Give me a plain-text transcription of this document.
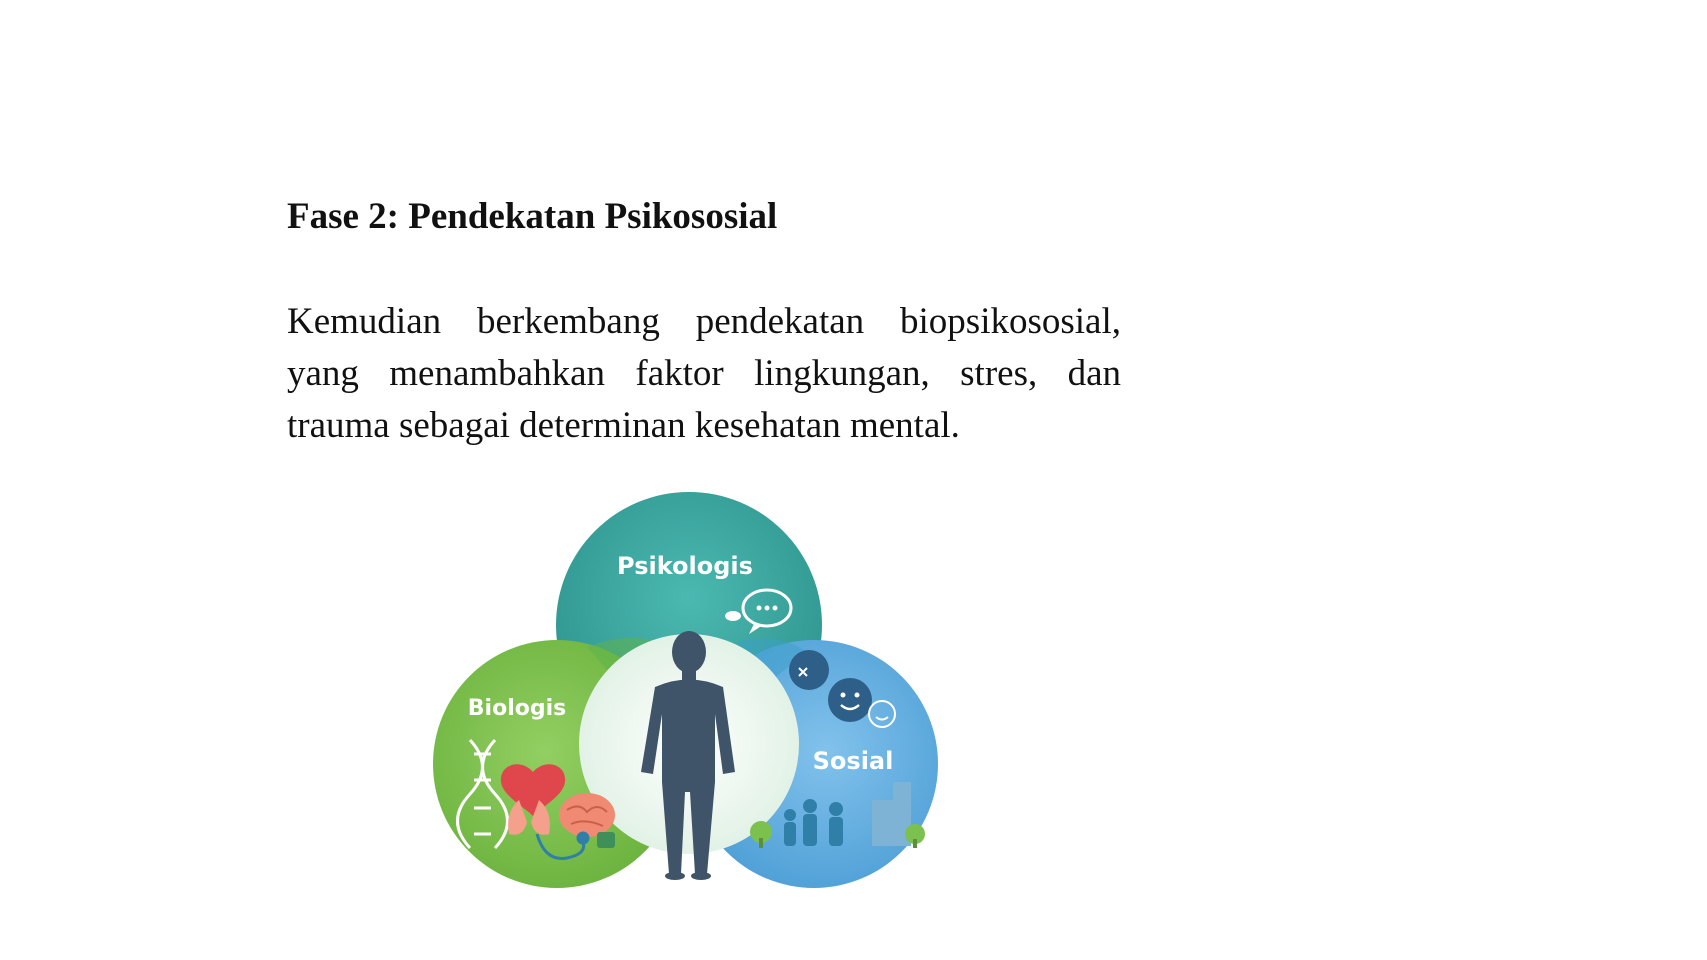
Fase 2: Pendekatan Psikososial

Kemudian berkembang pendekatan biopsikososial, yang menambahkan faktor lingkungan, stres, dan trauma sebagai determinan kesehatan mental.

Psikologis
Biologis
Sosial
